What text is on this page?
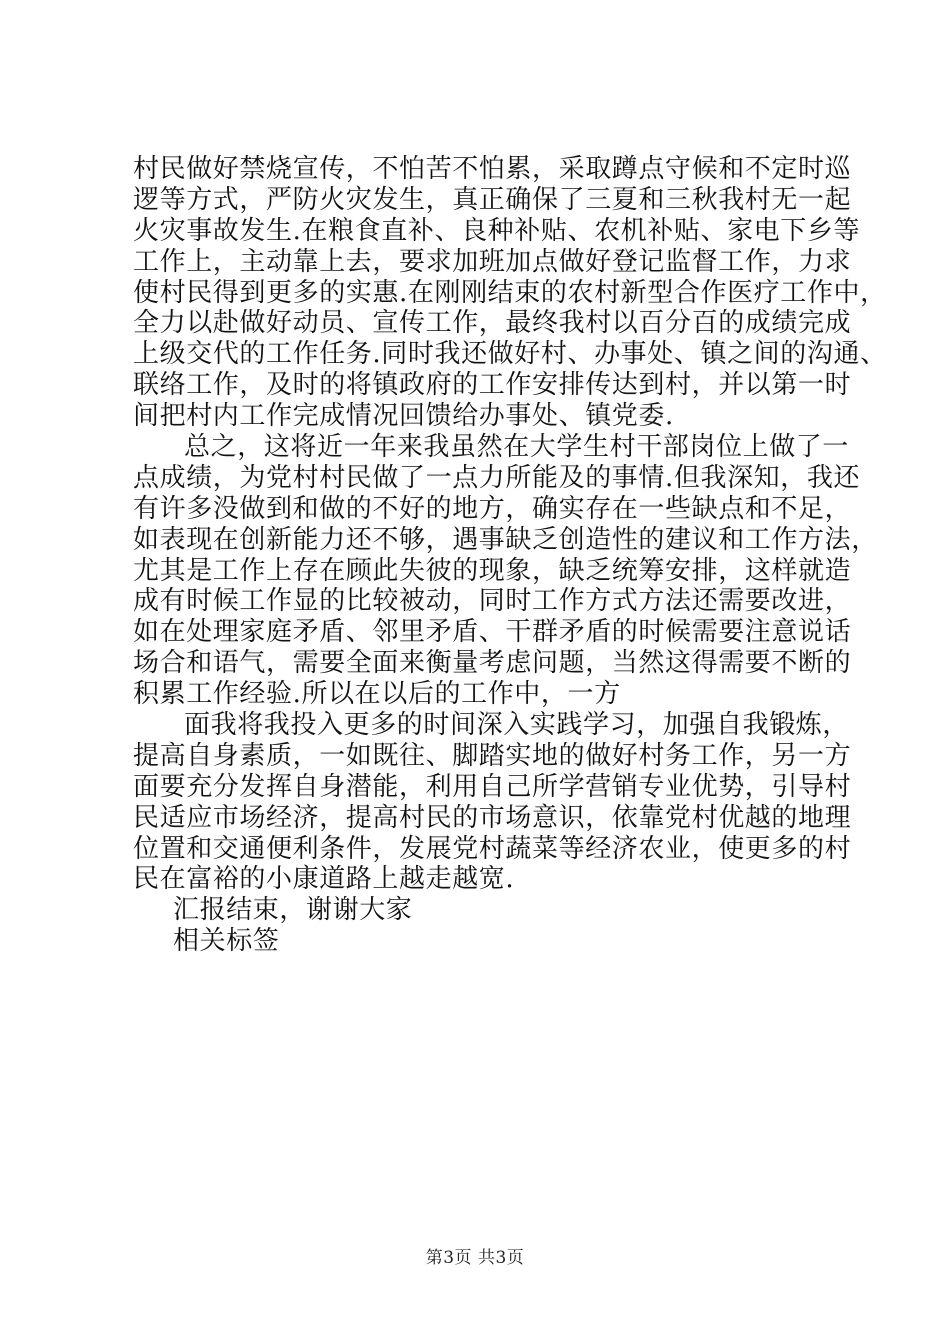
村民做好禁烧宣传，不怕苦不怕累，采取蹲点守候和不定时巡
逻等方式，严防火灾发生，真正确保了三夏和三秋我村无一起
火灾事故发生.在粮食直补、良种补贴、农机补贴、家电下乡等
工作上，主动靠上去，要求加班加点做好登记监督工作，力求
使村民得到更多的实惠.在刚刚结束的农村新型合作医疗工作中，
全力以赴做好动员、宣传工作，最终我村以百分百的成绩完成
上级交代的工作任务.同时我还做好村、办事处、镇之间的沟通、
联络工作，及时的将镇政府的工作安排传达到村，并以第一时
间把村内工作完成情况回馈给办事处、镇党委.
总之，这将近一年来我虽然在大学生村干部岗位上做了一
点成绩，为党村村民做了一点力所能及的事情.但我深知，我还
有许多没做到和做的不好的地方，确实存在一些缺点和不足，
如表现在创新能力还不够，遇事缺乏创造性的建议和工作方法，
尤其是工作上存在顾此失彼的现象，缺乏统筹安排，这样就造
成有时候工作显的比较被动，同时工作方式方法还需要改进，
如在处理家庭矛盾、邻里矛盾、干群矛盾的时候需要注意说话
场合和语气，需要全面来衡量考虑问题，当然这得需要不断的
积累工作经验.所以在以后的工作中，一方
面我将我投入更多的时间深入实践学习，加强自我锻炼，
提高自身素质，一如既往、脚踏实地的做好村务工作，另一方
面要充分发挥自身潜能，利用自己所学营销专业优势，引导村
民适应市场经济，提高村民的市场意识，依靠党村优越的地理
位置和交通便利条件，发展党村蔬菜等经济农业，使更多的村
民在富裕的小康道路上越走越宽.
汇报结束，谢谢大家
相关标签
第3页 共3页
